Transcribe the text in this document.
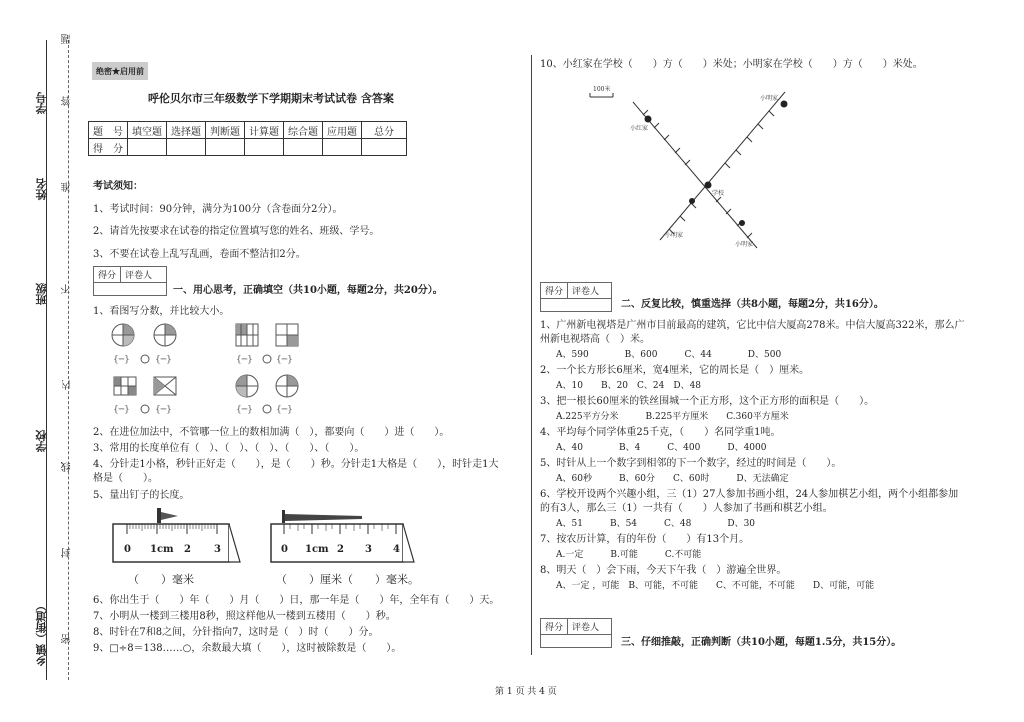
学号
姓名
班级
学校
乡镇（街道）
题
答
准
不
内
线
封
密
绝密★启用前
呼伦贝尔市三年级数学下学期期末考试试卷 含答案
题　号	填空题	选择题	判断题	计算题	综合题	应用题	总分
得　分							
考试须知：
1、考试时间：90分钟，满分为100分（含卷面分2分）。
2、请首先按要求在试卷的指定位置填写您的姓名、班级、学号。
3、不要在试卷上乱写乱画，卷面不整洁扣2分。
得分 评卷人
一、用心思考，正确填空（共10小题，每题2分，共20分）。
1、看图写分数，并比较大小。
{─}	{─}	{─}	{─}
{─}	{─}	{─}	{─}
2、在进位加法中，不管哪一位上的数相加满（　），都要向（　　）进（　　）。
3、常用的长度单位有（　）、（　）、（　）、（　　）、（　　）。
4、分针走1小格，秒针正好走（　　），是（　　）秒。分针走1大格是（　　），时针走1大
格是（　　）。
5、量出钉子的长度。
0 1cm 2 3	0 1cm 2 3 4
（　　）毫米	（　　）厘米（　　）毫米。
6、你出生于（　　）年（　　）月（　　）日，那一年是（　　）年，全年有（　　）天。
7、小明从一楼到三楼用8秒，照这样他从一楼到五楼用（　　）秒。
8、时针在7和8之间，分针指向7，这时是（　）时（　　）分。
9、□÷8＝138……○，余数最大填（　　），这时被除数是（　　）。
10、小红家在学校（　　）方（　　）米处；小明家在学校（　　）方（　　）米处。
100米
小红家
学校
小明家
小明家
小明家
得分 评卷人
二、反复比较，慎重选择（共8小题，每题2分，共16分）。
1、广州新电视塔是广州市目前最高的建筑，它比中信大厦高278米。中信大厦高322米，那么广
州新电视塔高（　）米。
A、590　　　　B、600　　　C、44　　　　D、500
2、一个长方形长6厘米，宽4厘米，它的周长是（　）厘米。
A、10　　B、20　C、24　D、48
3、把一根长60厘米的铁丝围城一个正方形，这个正方形的面积是（　　）。
A.225平方分米　　　B.225平方厘米　　C.360平方厘米
4、平均每个同学体重25千克，（　　）名同学重1吨。
A、40　　　　B、4　　　C、400　　　D、4000
5、时针从上一个数字到相邻的下一个数字，经过的时间是（　　）。
A、60秒　　　B、60分　　C、60时　　　D、无法确定
6、学校开设两个兴趣小组，三（1）27人参加书画小组，24人参加棋艺小组，两个小组都参加
的有3人，那么三（1）一共有（　　）人参加了书画和棋艺小组。
A、51　　　B、54　　　C、48　　　　D、30
7、按农历计算，有的年份（　　）有13个月。
A.一定　　　B.可能　　　C.不可能
8、明天（　）会下雨，今天下午我（　）游遍全世界。
A、一定 ，可能　B、可能，不可能　　C、不可能，不可能　　D、可能，可能
得分 评卷人
三、仔细推敲，正确判断（共10小题，每题1.5分，共15分）。
第 1 页 共 4 页
